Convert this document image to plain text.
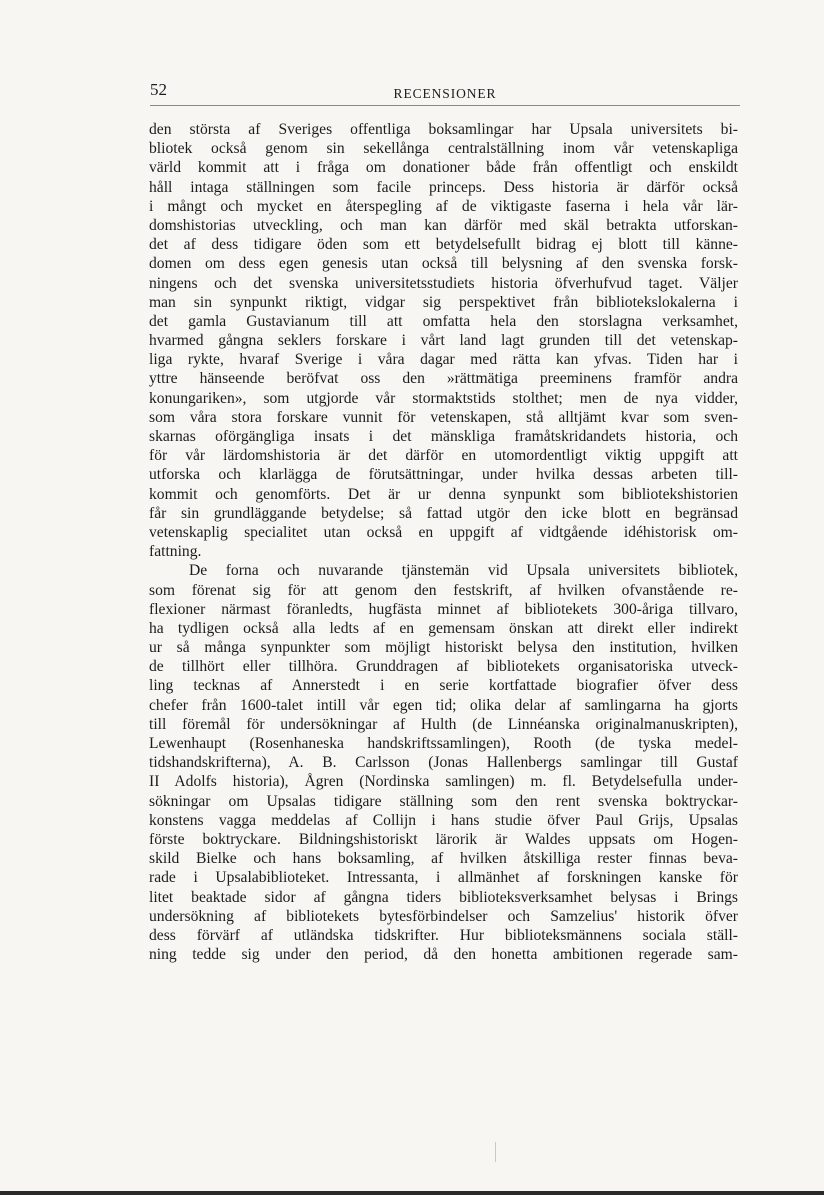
52	RECENSIONER
den största af Sveriges offentliga boksamlingar har Upsala universitets bi-
bliotek också genom sin sekellånga centralställning inom vår vetenskapliga
värld kommit att i fråga om donationer både från offentligt och enskildt
håll intaga ställningen som facile princeps. Dess historia är därför också
i mångt och mycket en återspegling af de viktigaste faserna i hela vår lär-
domshistorias utveckling, och man kan därför med skäl betrakta utforskan-
det af dess tidigare öden som ett betydelsefullt bidrag ej blott till känne-
domen om dess egen genesis utan också till belysning af den svenska forsk-
ningens och det svenska universitetsstudiets historia öfverhufvud taget. Väljer
man sin synpunkt riktigt, vidgar sig perspektivet från bibliotekslokalerna i
det gamla Gustavianum till att omfatta hela den storslagna verksamhet,
hvarmed gångna seklers forskare i vårt land lagt grunden till det vetenskap-
liga rykte, hvaraf Sverige i våra dagar med rätta kan yfvas. Tiden har i
yttre hänseende beröfvat oss den »rättmätiga preeminens framför andra
konungariken», som utgjorde vår stormaktstids stolthet; men de nya vidder,
som våra stora forskare vunnit för vetenskapen, stå alltjämt kvar som sven-
skarnas oförgängliga insats i det mänskliga framåtskridandets historia, och
för vår lärdomshistoria är det därför en utomordentligt viktig uppgift att
utforska och klarlägga de förutsättningar, under hvilka dessas arbeten till-
kommit och genomförts. Det är ur denna synpunkt som bibliotekshistorien
får sin grundläggande betydelse; så fattad utgör den icke blott en begränsad
vetenskaplig specialitet utan också en uppgift af vidtgående idéhistorisk om-
fattning.
De forna och nuvarande tjänstemän vid Upsala universitets bibliotek,
som förenat sig för att genom den festskrift, af hvilken ofvanstående re-
flexioner närmast föranledts, hugfästa minnet af bibliotekets 300-åriga tillvaro,
ha tydligen också alla ledts af en gemensam önskan att direkt eller indirekt
ur så många synpunkter som möjligt historiskt belysa den institution, hvilken
de tillhört eller tillhöra. Grunddragen af bibliotekets organisatoriska utveck-
ling tecknas af Annerstedt i en serie kortfattade biografier öfver dess
chefer från 1600-talet intill vår egen tid; olika delar af samlingarna ha gjorts
till föremål för undersökningar af Hulth (de Linnéanska originalmanuskripten),
Lewenhaupt (Rosenhaneska handskriftssamlingen), Rooth (de tyska medel-
tidshandskrifterna), A. B. Carlsson (Jonas Hallenbergs samlingar till Gustaf
II Adolfs historia), Ågren (Nordinska samlingen) m. fl. Betydelsefulla under-
sökningar om Upsalas tidigare ställning som den rent svenska boktryckar-
konstens vagga meddelas af Collijn i hans studie öfver Paul Grijs, Upsalas
förste boktryckare. Bildningshistoriskt lärorik är Waldes uppsats om Hogen-
skild Bielke och hans boksamling, af hvilken åtskilliga rester finnas beva-
rade i Upsalabiblioteket. Intressanta, i allmänhet af forskningen kanske för
litet beaktade sidor af gångna tiders biblioteksverksamhet belysas i Brings
undersökning af bibliotekets bytesförbindelser och Samzelius' historik öfver
dess förvärf af utländska tidskrifter. Hur biblioteksmännens sociala ställ-
ning tedde sig under den period, då den honetta ambitionen regerade sam-
